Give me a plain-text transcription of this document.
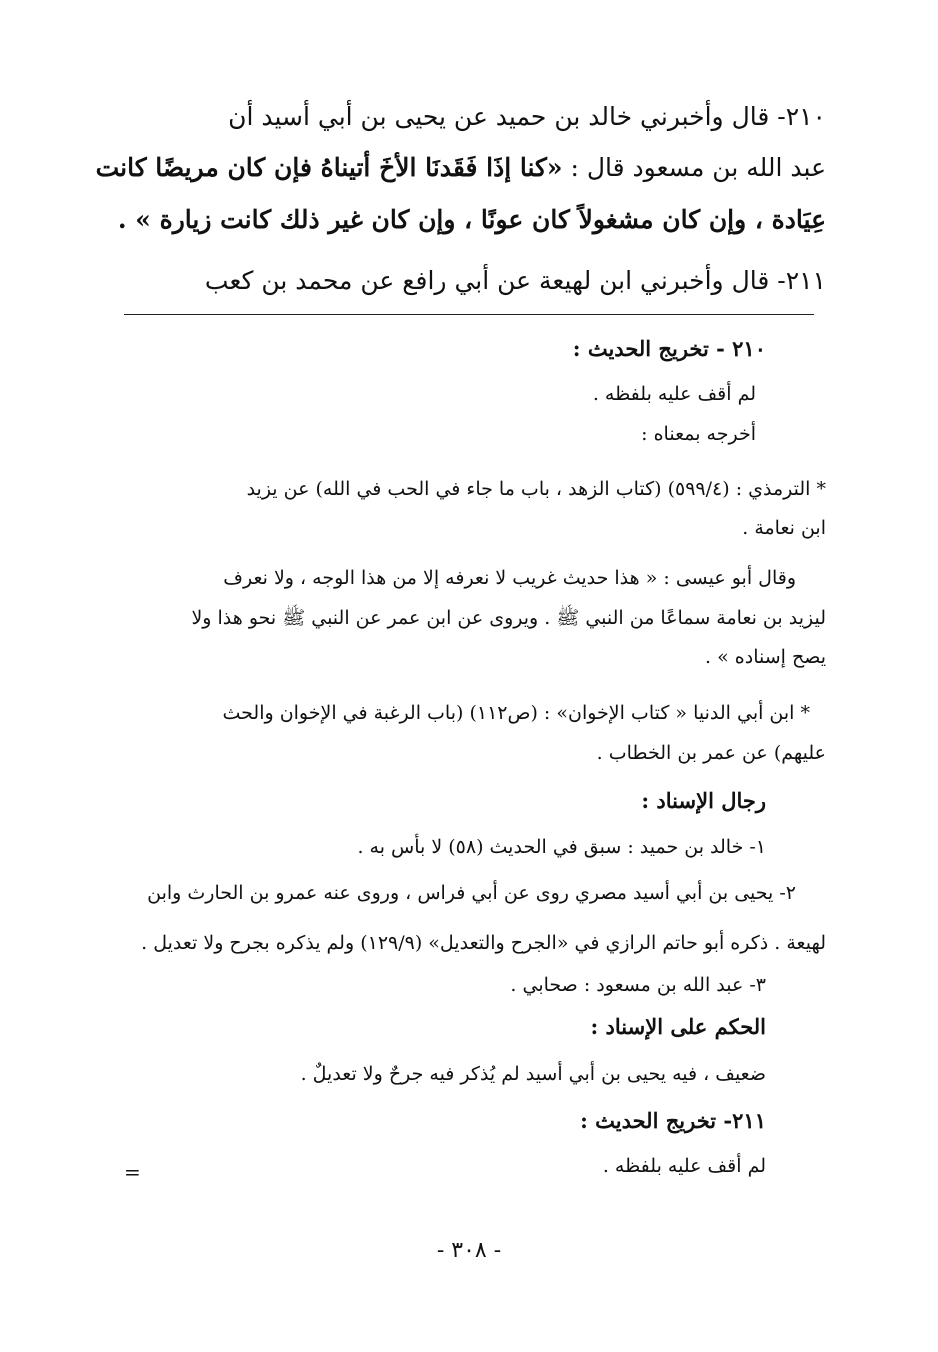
٢١٠- قال وأخبرني خالد بن حميد عن يحيى بن أبي أسيد أن
عبد الله بن مسعود قال : «كنا إذَا فَقَدنَا الأخَ أتيناهُ فإن كان مريضًا كانت
عِيَادة ، وإن كان مشغولاً كان عونًا ، وإن كان غير ذلك كانت زيارة » .
٢١١- قال وأخبرني ابن لهيعة عن أبي رافع عن محمد بن كعب
٢١٠ - تخريج الحديث :
لم أقف عليه بلفظه .
أخرجه بمعناه :
* الترمذي : (٥٩٩/٤) (كتاب الزهد ، باب ما جاء في الحب في الله) عن يزيد
ابن نعامة .
وقال أبو عيسى : « هذا حديث غريب لا نعرفه إلا من هذا الوجه ، ولا نعرف
ليزيد بن نعامة سماعًا من النبي ﷺ . ويروى عن ابن عمر عن النبي ﷺ نحو هذا ولا
يصح إسناده » .
* ابن أبي الدنيا « كتاب الإخوان» : (ص١١٢) (باب الرغبة في الإخوان والحث
عليهم) عن عمر بن الخطاب .
رجال الإسناد :
١- خالد بن حميد : سبق في الحديث (٥٨) لا بأس به .
٢- يحيى بن أبي أسيد مصري روى عن أبي فراس ، وروى عنه عمرو بن الحارث وابن
لهيعة . ذكره أبو حاتم الرازي في «الجرح والتعديل» (١٢٩/٩) ولم يذكره بجرح ولا تعديل .
٣- عبد الله بن مسعود : صحابي .
الحكم على الإسناد :
ضعيف ، فيه يحيى بن أبي أسيد لم يُذكر فيه جرحٌ ولا تعديلٌ .
٢١١- تخريج الحديث :
لم أقف عليه بلفظه .
=
- ٣٠٨ -
